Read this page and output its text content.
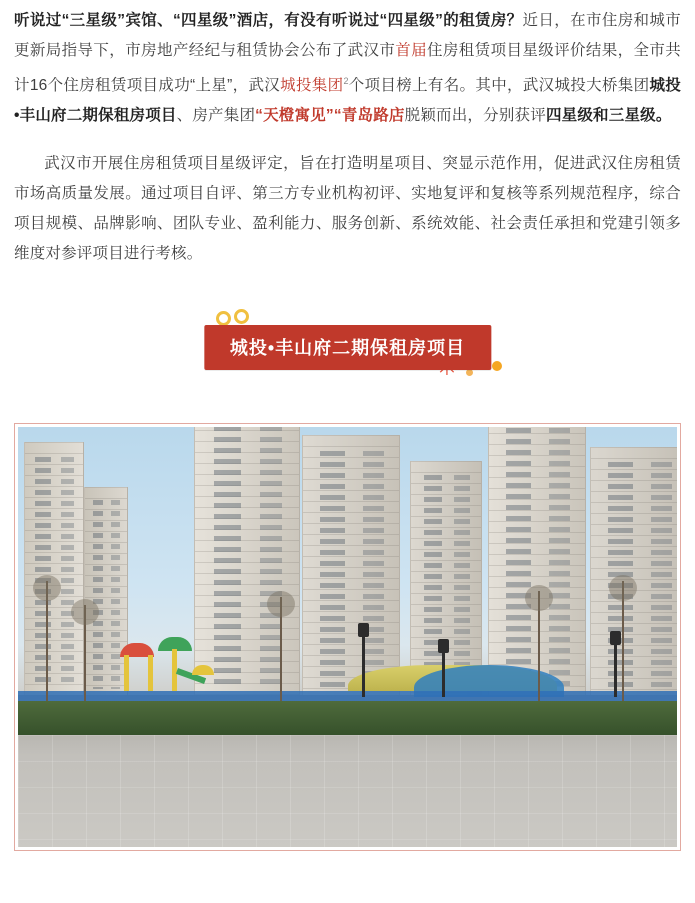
听说过“三星级”宾馆、“四星级”酒店，有没有听说过“四星级”的租赁房？近日，在市住房和城市更新局指导下，市房地产经纪与租赁协会公布了武汉市首届住房租赁项目星级评价结果，全市共计16个住房租赁项目成功“上星”，武汉城投集团$^2$个项目榜上有名。其中，武汉城投大桥集团城投•丰山府二期保租房项目、房产集团“天橙寓见”“青岛路店脱颖而出，分别获评四星级和三星级。

武汉市开展住房租赁项目星级评定，旨在打造明星项目、突显示范作用，促进武汉住房租赁市场高质量发展。通过项目自评、第三方专业机构初评、实地复评和复核等系列规范程序，综合项目规模、品牌影响、团队专业、盈利能力、服务创新、系统效能、社会责任承担和党建引领多维度对参评项目进行考核。

城投•丰山府二期保租房项目
